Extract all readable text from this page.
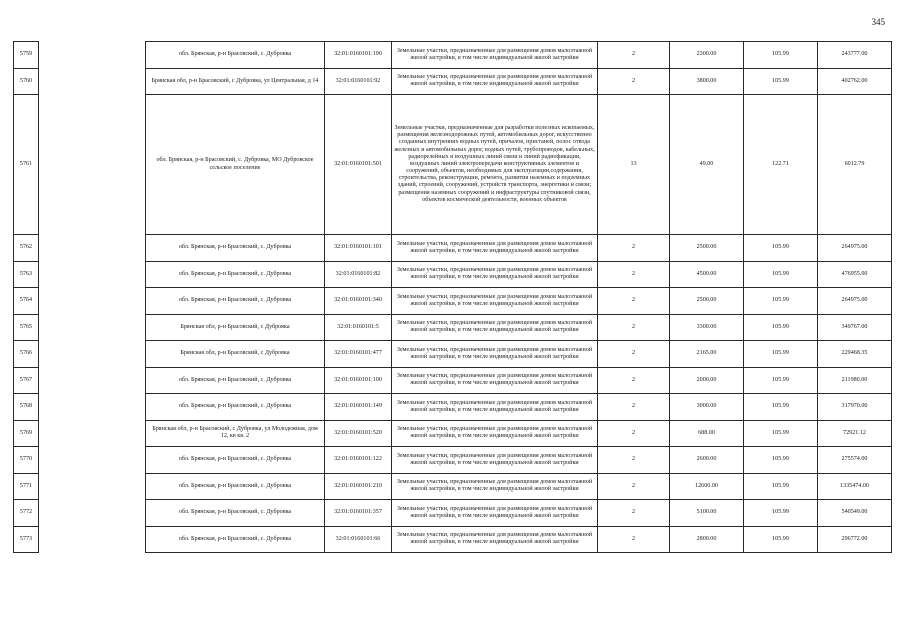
345
5759		обл. Брянская, р-н Брасовский, с. Дубровка	32:01:0160101:190	Земельные участки, предназначенные для размещения домов малоэтажной жилой застройки, в том числе индивидуальной жилой застройки	2	2300.00	105.99	243777.00
5760		Брянская обл, р-н Брасовский, с Дубровка, ул Центральная, д 14	32:01:0160101:92	Земельные участки, предназначенные для размещения домов малоэтажной жилой застройки, в том числе индивидуальной жилой застройки	2	3800.00	105.99	402762.00
5761		обл. Брянская, р-н Брасовский, с. Дубровка, МО Дубровское сельское поселение	32:01:0160101:501	Земельные участки, предназначенные для разработки полезных ископаемых, размещения железнодорожных путей, автомобильных дорог, искусственно созданных внутренних водных путей, причалов, пристаней, полос отвода железных и автомобильных дорог, водных путей, трубопроводов, кабельных, радиорелейных и воздушных линий связи и линий радиофикации, воздушных линий электропередачи конструктивных элементов и сооружений, объектов, необходимых для эксплуатации,содержания, строительства, реконструкции, ремонта, развития наземных и подземных зданий, строений, сооружений, устройств транспорта, энергетики и связи; размещения наземных сооружений и инфраструктуры спутниковой связи, объектов космической деятельности, военных объектов	13	49.00	122.71	6012.79
5762		обл. Брянская, р-н Брасовский, с. Дубровка	32:01:0160101:101	Земельные участки, предназначенные для размещения домов малоэтажной жилой застройки, в том числе индивидуальной жилой застройки	2	2500.00	105.99	264975.00
5763		обл. Брянская, р-н Брасовский, с. Дубровка	32:01:0160101:82	Земельные участки, предназначенные для размещения домов малоэтажной жилой застройки, в том числе индивидуальной жилой застройки	2	4500.00	105.99	476955.00
5764		обл. Брянская, р-н Брасовский, с. Дубровка	32:01:0160101:340	Земельные участки, предназначенные для размещения домов малоэтажной жилой застройки, в том числе индивидуальной жилой застройки	2	2500.00	105.99	264975.00
5765		Брянская обл, р-н Брасовский, с Дубровка	32:01:0160101:5	Земельные участки, предназначенные для размещения домов малоэтажной жилой застройки, в том числе индивидуальной жилой застройки	2	3300.00	105.99	349767.00
5766		Брянская обл, р-н Брасовский, с Дубровка	32:01:0160101:477	Земельные участки, предназначенные для размещения домов малоэтажной жилой застройки, в том числе индивидуальной жилой застройки	2	2165.00	105.99	229468.35
5767		обл. Брянская, р-н Брасовский, с. Дубровка	32:01:0160101:100	Земельные участки, предназначенные для размещения домов малоэтажной жилой застройки, в том числе индивидуальной жилой застройки	2	2000.00	105.99	211980.00
5768		обл. Брянская, р-н Брасовский, с. Дубровка	32:01:0160101:149	Земельные участки, предназначенные для размещения домов малоэтажной жилой застройки, в том числе индивидуальной жилой застройки	2	3000.00	105.99	317970.00
5769		Брянская обл, р-н Брасовский, с Дубровка, ул Молодежная, дом 12, кв кв. 2	32:01:0160101:520	Земельные участки, предназначенные для размещения домов малоэтажной жилой застройки, в том числе индивидуальной жилой застройки	2	688.00	105.99	72921.12
5770		обл. Брянская, р-н Брасовский, с. Дубровка	32:01:0160101:122	Земельные участки, предназначенные для размещения домов малоэтажной жилой застройки, в том числе индивидуальной жилой застройки	2	2600.00	105.99	275574.00
5771		обл. Брянская, р-н Брасовский, с. Дубровка	32:01:0160101:210	Земельные участки, предназначенные для размещения домов малоэтажной жилой застройки, в том числе индивидуальной жилой застройки	2	12600.00	105.99	1335474.00
5772		обл. Брянская, р-н Брасовский, с. Дубровка	32:01:0160101:357	Земельные участки, предназначенные для размещения домов малоэтажной жилой застройки, в том числе индивидуальной жилой застройки	2	5100.00	105.99	540549.00
5773		обл. Брянская, р-н Брасовский, с. Дубровка	32:01:0160101:66	Земельные участки, предназначенные для размещения домов малоэтажной жилой застройки, в том числе индивидуальной жилой застройки	2	2800.00	105.99	296772.00
